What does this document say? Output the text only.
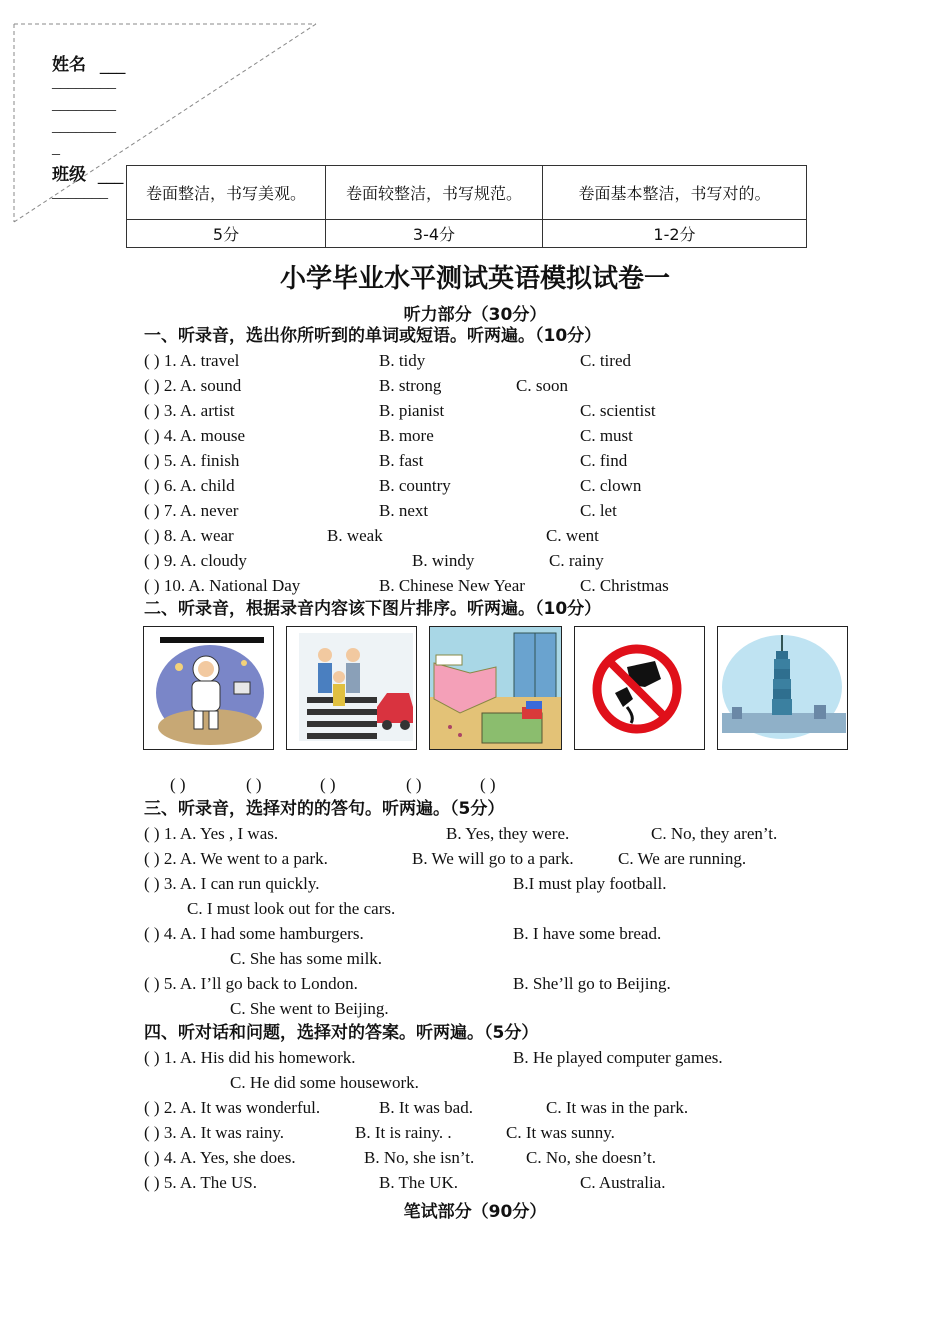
姓名 ___
________
________
________
_
班级 ___
_______ 卷面整洁，书写美观。	卷面较整洁，书写规范。	卷面基本整洁，书写对的。
5分	3-4分	1-2分
小学毕业水平测试英语模拟试卷一
听力部分（30分）
一、听录音，选出你所听到的单词或短语。听两遍。（10分）
( ) 1. A. travel	B. tidy	C. tired
( ) 2. A. sound	B. strong	C. soon
( ) 3. A. artist	B. pianist	C. scientist
( ) 4. A. mouse	B. more	C. must
( ) 5. A. finish	B. fast	C. find
( ) 6. A. child	B. country	C. clown
( ) 7. A. never	B. next	C. let
( ) 8. A. wear	B. weak	C. went
( ) 9. A. cloudy	B. windy	C. rainy
( ) 10. A. National Day	B. Chinese New Year	C. Christmas
二、听录音，根据录音内容该下图片排序。听两遍。（10分）
( )	( )	( )	( )	( )
三、听录音，选择对的的答句。听两遍。（5分）
( ) 1. A. Yes , I was.	B. Yes, they were.	C. No, they aren’t.
( ) 2. A. We went to a park.	B. We will go to a park.	C. We are running.
( ) 3. A. I can run quickly.	B.I must play football.
C. I must look out for the cars.
( ) 4. A. I had some hamburgers.	B. I have some bread.
C. She has some milk.
( ) 5. A. I’ll go back to London.	B. She’ll go to Beijing.
C. She went to Beijing.
四、听对话和问题，选择对的答案。听两遍。（5分）
( ) 1. A. His did his homework.	B. He played computer games.
C. He did some housework.
( ) 2. A. It was wonderful.	B. It was bad.	C. It was in the park.
( ) 3. A. It was rainy.	B. It is rainy. .	C. It was sunny.
( ) 4. A. Yes, she does.	B. No, she isn’t.	C. No, she doesn’t.
( ) 5. A. The US.	B. The UK.	C. Australia.
笔试部分（90分）
